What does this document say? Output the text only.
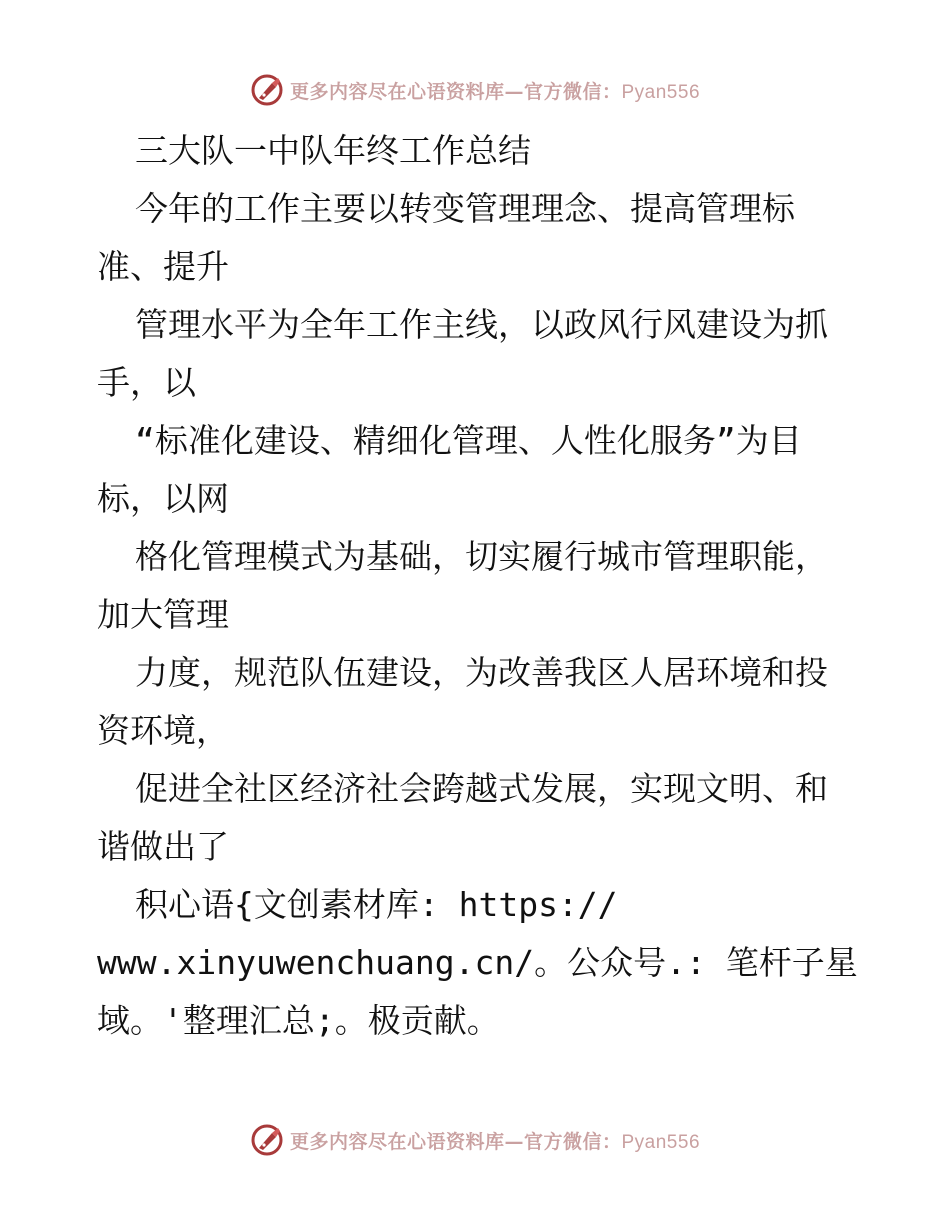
更多内容尽在心语资料库—官方微信：Pyan556
三大队一中队年终工作总结
今年的工作主要以转变管理理念、提高管理标
准、提升
管理水平为全年工作主线，以政风行风建设为抓
手，以
“标准化建设、精细化管理、人性化服务”为目
标，以网
格化管理模式为基础，切实履行城市管理职能，
加大管理
力度，规范队伍建设，为改善我区人居环境和投
资环境，
促进全社区经济社会跨越式发展，实现文明、和
谐做出了
积心语{文创素材库: https://
www.xinyuwenchuang.cn/。公众号.: 笔杆子星
域。'整理汇总;。极贡献。
更多内容尽在心语资料库—官方微信：Pyan556
